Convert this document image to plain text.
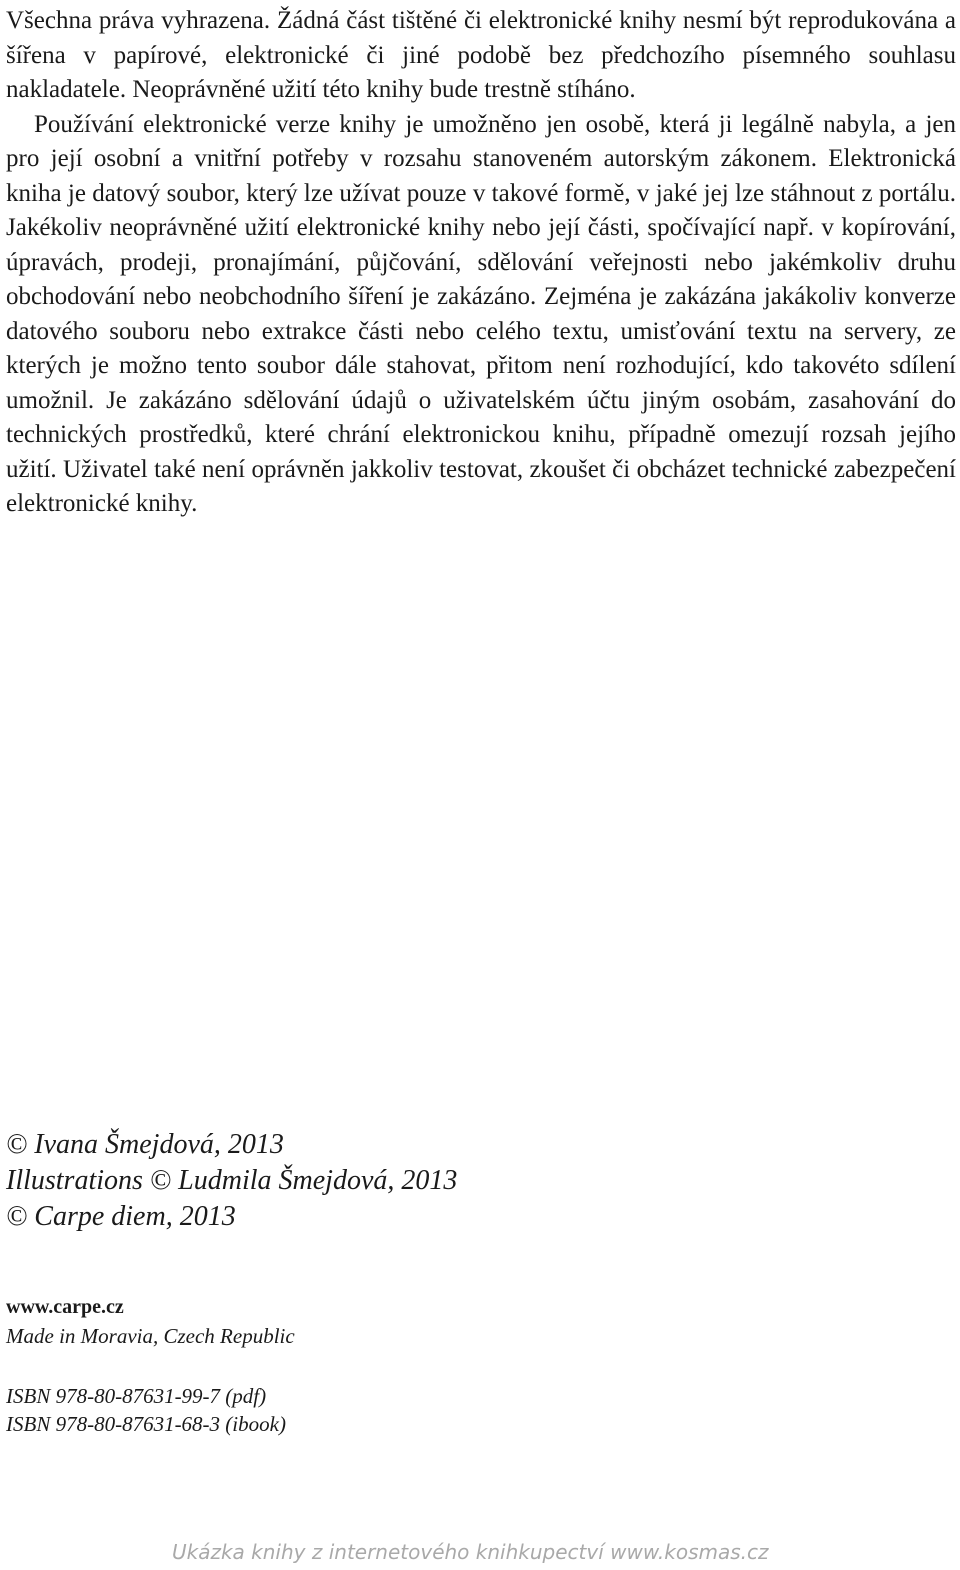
Všechna práva vyhrazena. Žádná část tištěné či elektronické knihy nesmí být reprodukována a šířena v papírové, elektronické či jiné podobě bez předchozího písemného souhlasu nakladatele. Neoprávněné užití této knihy bude trestně stíháno.

Používání elektronické verze knihy je umožněno jen osobě, která ji legálně nabyla, a jen pro její osobní a vnitřní potřeby v rozsahu stanoveném autorským zákonem. Elektronická kniha je datový soubor, který lze užívat pouze v takové formě, v jaké jej lze stáhnout z portálu. Jakékoliv neoprávněné užití elektronické knihy nebo její části, spočívající např. v kopírování, úpravách, prodeji, pronajímání, půjčování, sdělování veřejnosti nebo jakémkoliv druhu obchodování nebo neobchodního šíření je zakázáno. Zejména je zakázána jakákoliv konverze datového souboru nebo extrakce části nebo celého textu, umisťování textu na servery, ze kterých je možno tento soubor dále stahovat, přitom není rozhodující, kdo takovéto sdílení umožnil. Je zakázáno sdělování údajů o uživatelském účtu jiným osobám, zasahování do technických prostředků, které chrání elektronickou knihu, případně omezují rozsah jejího užití. Uživatel také není oprávněn jakkoliv testovat, zkoušet či obcházet technické zabezpečení elektronické knihy.

© Ivana Šmejdová, 2013
Illustrations © Ludmila Šmejdová, 2013
© Carpe diem, 2013
www.carpe.cz
Made in Moravia, Czech Republic
ISBN 978-80-87631-99-7 (pdf)
ISBN 978-80-87631-68-3 (ibook)
Ukázka knihy z internetového knihkupectví www.kosmas.cz
